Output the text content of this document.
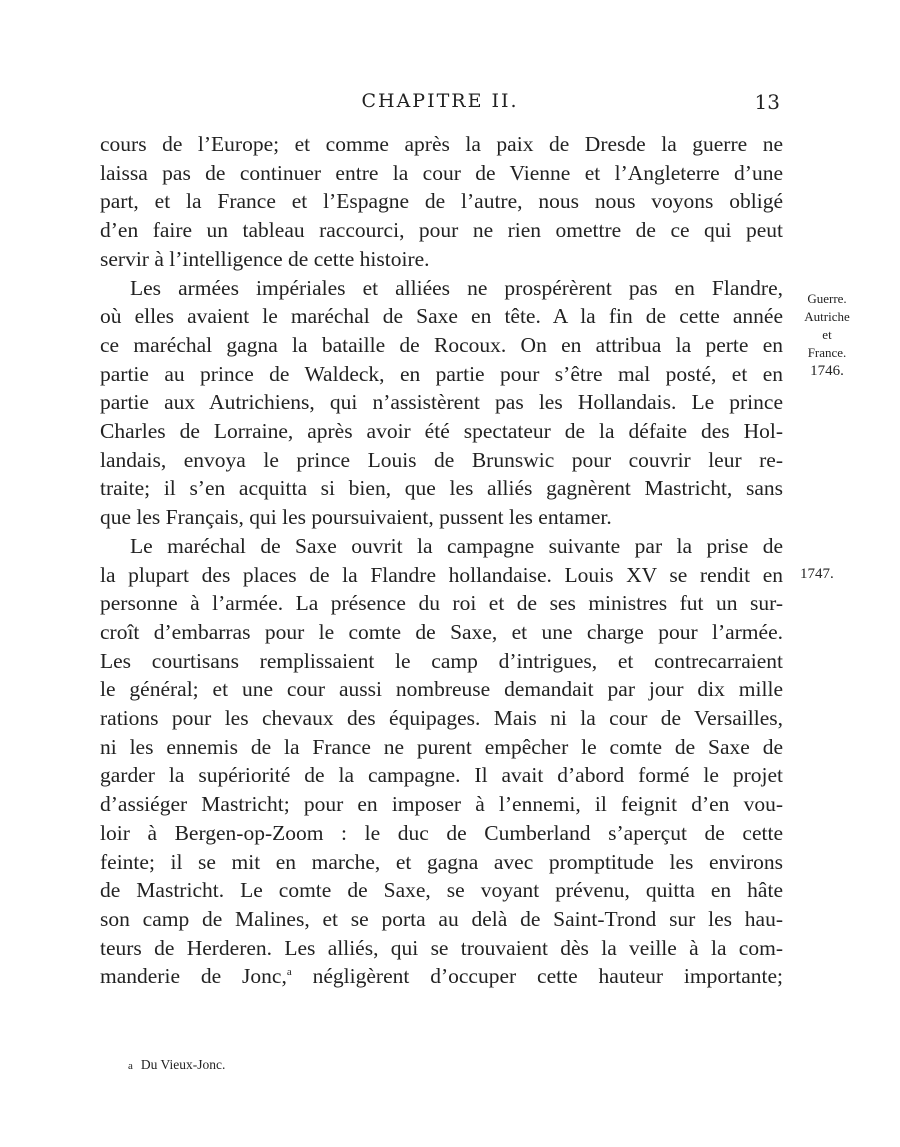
CHAPITRE II.	13
cours de l’Europe; et comme après la paix de Dresde la guerre ne
laissa pas de continuer entre la cour de Vienne et l’Angleterre d’une
part, et la France et l’Espagne de l’autre, nous nous voyons obligé
d’en faire un tableau raccourci, pour ne rien omettre de ce qui peut
servir à l’intelligence de cette histoire.
Les armées impériales et alliées ne prospérèrent pas en Flandre,
où elles avaient le maréchal de Saxe en tête. A la fin de cette année
ce maréchal gagna la bataille de Rocoux. On en attribua la perte en
partie au prince de Waldeck, en partie pour s’être mal posté, et en
partie aux Autrichiens, qui n’assistèrent pas les Hollandais. Le prince
Charles de Lorraine, après avoir été spectateur de la défaite des Hol-
landais, envoya le prince Louis de Brunswic pour couvrir leur re-
traite; il s’en acquitta si bien, que les alliés gagnèrent Mastricht, sans
que les Français, qui les poursuivaient, pussent les entamer.
Le maréchal de Saxe ouvrit la campagne suivante par la prise de
la plupart des places de la Flandre hollandaise. Louis XV se rendit en
personne à l’armée. La présence du roi et de ses ministres fut un sur-
croît d’embarras pour le comte de Saxe, et une charge pour l’armée.
Les courtisans remplissaient le camp d’intrigues, et contrecarraient
le général; et une cour aussi nombreuse demandait par jour dix mille
rations pour les chevaux des équipages. Mais ni la cour de Versailles,
ni les ennemis de la France ne purent empêcher le comte de Saxe de
garder la supériorité de la campagne. Il avait d’abord formé le projet
d’assiéger Mastricht; pour en imposer à l’ennemi, il feignit d’en vou-
loir à Bergen-op-Zoom : le duc de Cumberland s’aperçut de cette
feinte; il se mit en marche, et gagna avec promptitude les environs
de Mastricht. Le comte de Saxe, se voyant prévenu, quitta en hâte
son camp de Malines, et se porta au delà de Saint-Trond sur les hau-
teurs de Herderen. Les alliés, qui se trouvaient dès la veille à la com-
manderie de Jonc,$^a$ négligèrent d’occuper cette hauteur importante;
Guerre.
Autriche
et
France.
1746.
1747.
a Du Vieux-Jonc.
